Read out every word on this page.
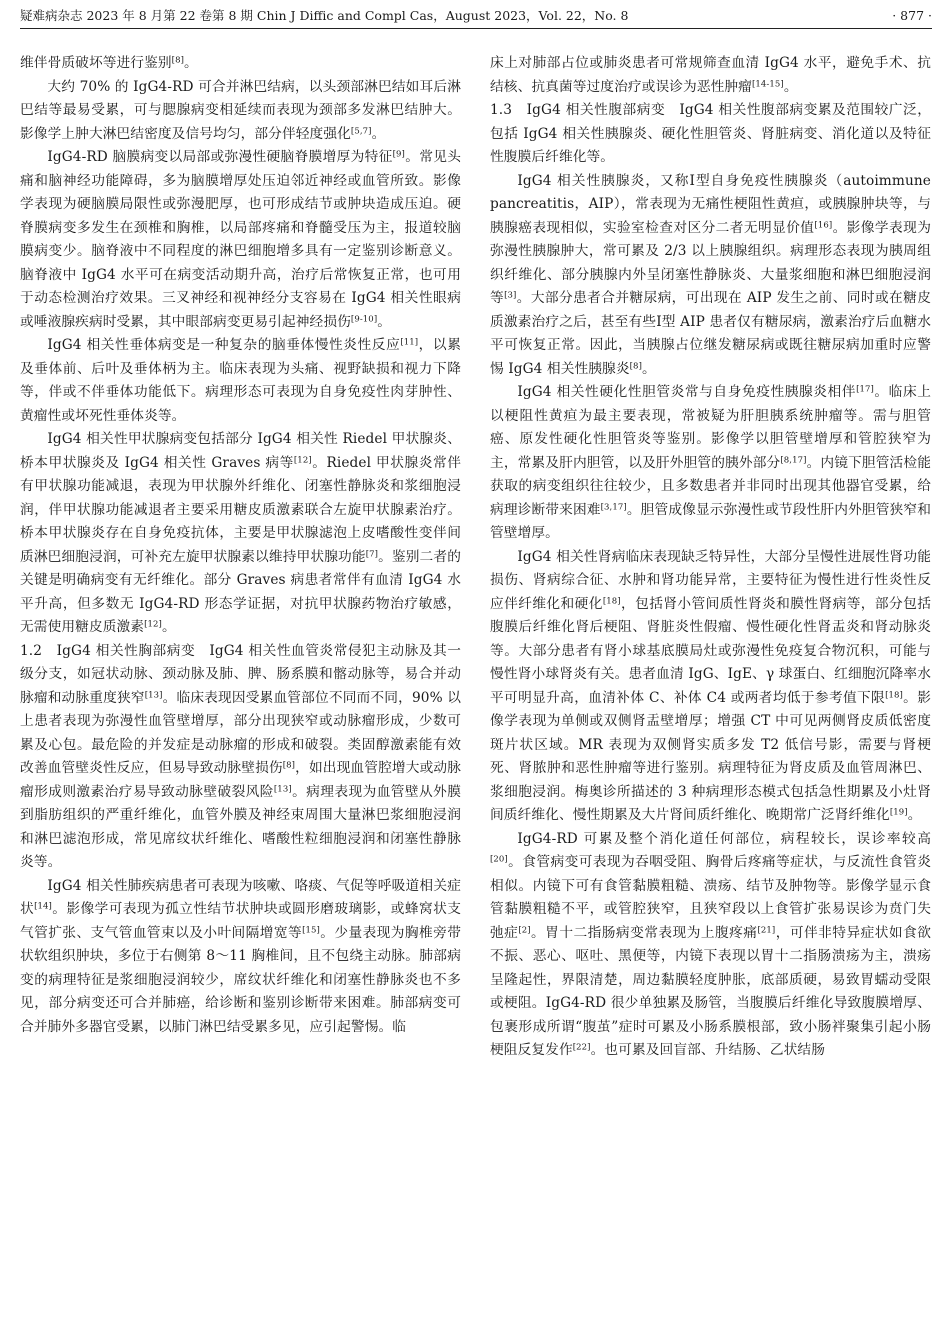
疑难病杂志 2023 年 8 月第 22 卷第 8 期 Chin J Diffic and Compl Cas，August 2023，Vol. 22，No. 8	· 877 ·

维伴骨质破坏等进行鉴别[8]。

大约 70% 的 IgG4-RD 可合并淋巴结病，以头颈部淋巴结如耳后淋巴结等最易受累，可与腮腺病变相延续而表现为颈部多发淋巴结肿大。影像学上肿大淋巴结密度及信号均匀，部分伴轻度强化[5,7]。

IgG4-RD 脑膜病变以局部或弥漫性硬脑脊膜增厚为特征[9]。常见头痛和脑神经功能障碍，多为脑膜增厚处压迫邻近神经或血管所致。影像学表现为硬脑膜局限性或弥漫肥厚，也可形成结节或肿块造成压迫。硬脊膜病变多发生在颈椎和胸椎，以局部疼痛和脊髓受压为主，报道较脑膜病变少。脑脊液中不同程度的淋巴细胞增多具有一定鉴别诊断意义。脑脊液中 IgG4 水平可在病变活动期升高，治疗后常恢复正常，也可用于动态检测治疗效果。三叉神经和视神经分支容易在 IgG4 相关性眼病或唾液腺疾病时受累，其中眼部病变更易引起神经损伤[9-10]。

IgG4 相关性垂体病变是一种复杂的脑垂体慢性炎性反应[11]，以累及垂体前、后叶及垂体柄为主。临床表现为头痛、视野缺损和视力下降等，伴或不伴垂体功能低下。病理形态可表现为自身免疫性肉芽肿性、黄瘤性或坏死性垂体炎等。

IgG4 相关性甲状腺病变包括部分 IgG4 相关性 Riedel 甲状腺炎、桥本甲状腺炎及 IgG4 相关性 Graves 病等[12]。Riedel 甲状腺炎常伴有甲状腺功能减退，表现为甲状腺外纤维化、闭塞性静脉炎和浆细胞浸润，伴甲状腺功能减退者主要采用糖皮质激素联合左旋甲状腺素治疗。桥本甲状腺炎存在自身免疫抗体，主要是甲状腺滤泡上皮嗜酸性变伴间质淋巴细胞浸润，可补充左旋甲状腺素以维持甲状腺功能[7]。鉴别二者的关键是明确病变有无纤维化。部分 Graves 病患者常伴有血清 IgG4 水平升高，但多数无 IgG4-RD 形态学证据，对抗甲状腺药物治疗敏感，无需使用糖皮质激素[12]。

1.2　IgG4 相关性胸部病变　IgG4 相关性血管炎常侵犯主动脉及其一级分支，如冠状动脉、颈动脉及肺、脾、肠系膜和髂动脉等，易合并动脉瘤和动脉重度狭窄[13]。临床表现因受累血管部位不同而不同，90% 以上患者表现为弥漫性血管壁增厚，部分出现狭窄或动脉瘤形成，少数可累及心包。最危险的并发症是动脉瘤的形成和破裂。类固醇激素能有效改善血管壁炎性反应，但易导致动脉壁损伤[8]，如出现血管腔增大或动脉瘤形成则激素治疗易导致动脉壁破裂风险[13]。病理表现为血管壁从外膜到脂肪组织的严重纤维化，血管外膜及神经束周围大量淋巴浆细胞浸润和淋巴滤泡形成，常见席纹状纤维化、嗜酸性粒细胞浸润和闭塞性静脉炎等。

IgG4 相关性肺疾病患者可表现为咳嗽、咯痰、气促等呼吸道相关症状[14]。影像学可表现为孤立性结节状肿块或圆形磨玻璃影，或蜂窝状支气管扩张、支气管血管束以及小叶间隔增宽等[15]。少量表现为胸椎旁带状软组织肿块，多位于右侧第 8～11 胸椎间，且不包绕主动脉。肺部病变的病理特征是浆细胞浸润较少，席纹状纤维化和闭塞性静脉炎也不多见，部分病变还可合并肺癌，给诊断和鉴别诊断带来困难。肺部病变可合并肺外多器官受累，以肺门淋巴结受累多见，应引起警惕。临

床上对肺部占位或肺炎患者可常规筛查血清 IgG4 水平，避免手术、抗结核、抗真菌等过度治疗或误诊为恶性肿瘤[14-15]。

1.3　IgG4 相关性腹部病变　IgG4 相关性腹部病变累及范围较广泛，包括 IgG4 相关性胰腺炎、硬化性胆管炎、肾脏病变、消化道以及特征性腹膜后纤维化等。

IgG4 相关性胰腺炎，又称Ⅰ型自身免疫性胰腺炎（autoimmune pancreatitis，AIP），常表现为无痛性梗阻性黄疸，或胰腺肿块等，与胰腺癌表现相似，实验室检查对区分二者无明显价值[16]。影像学表现为弥漫性胰腺肿大，常可累及 2/3 以上胰腺组织。病理形态表现为胰周组织纤维化、部分胰腺内外呈闭塞性静脉炎、大量浆细胞和淋巴细胞浸润等[3]。大部分患者合并糖尿病，可出现在 AIP 发生之前、同时或在糖皮质激素治疗之后，甚至有些Ⅰ型 AIP 患者仅有糖尿病，激素治疗后血糖水平可恢复正常。因此，当胰腺占位继发糖尿病或既往糖尿病加重时应警惕 IgG4 相关性胰腺炎[8]。

IgG4 相关性硬化性胆管炎常与自身免疫性胰腺炎相伴[17]。临床上以梗阻性黄疸为最主要表现，常被疑为肝胆胰系统肿瘤等。需与胆管癌、原发性硬化性胆管炎等鉴别。影像学以胆管壁增厚和管腔狭窄为主，常累及肝内胆管，以及肝外胆管的胰外部分[8,17]。内镜下胆管活检能获取的病变组织往往较少，且多数患者并非同时出现其他器官受累，给病理诊断带来困难[3,17]。胆管成像显示弥漫性或节段性肝内外胆管狭窄和管壁增厚。

IgG4 相关性肾病临床表现缺乏特异性，大部分呈慢性进展性肾功能损伤、肾病综合征、水肿和肾功能异常，主要特征为慢性进行性炎性反应伴纤维化和硬化[18]，包括肾小管间质性肾炎和膜性肾病等，部分包括腹膜后纤维化肾后梗阻、肾脏炎性假瘤、慢性硬化性肾盂炎和肾动脉炎等。大部分患者有肾小球基底膜局灶或弥漫性免疫复合物沉积，可能与慢性肾小球肾炎有关。患者血清 IgG、IgE、γ 球蛋白、红细胞沉降率水平可明显升高，血清补体 C、补体 C4 或两者均低于参考值下限[18]。影像学表现为单侧或双侧肾盂壁增厚；增强 CT 中可见两侧肾皮质低密度斑片状区域。MR 表现为双侧肾实质多发 T2 低信号影，需要与肾梗死、肾脓肿和恶性肿瘤等进行鉴别。病理特征为肾皮质及血管周淋巴、浆细胞浸润。梅奥诊所描述的 3 种病理形态模式包括急性期累及小灶肾间质纤维化、慢性期累及大片肾间质纤维化、晚期常广泛肾纤维化[19]。

IgG4-RD 可累及整个消化道任何部位，病程较长，误诊率较高[20]。食管病变可表现为吞咽受阻、胸骨后疼痛等症状，与反流性食管炎相似。内镜下可有食管黏膜粗糙、溃疡、结节及肿物等。影像学显示食管黏膜粗糙不平，或管腔狭窄，且狭窄段以上食管扩张易误诊为贲门失弛症[2]。胃十二指肠病变常表现为上腹疼痛[21]，可伴非特异症状如食欲不振、恶心、呕吐、黑便等，内镜下表现以胃十二指肠溃疡为主，溃疡呈隆起性，界限清楚，周边黏膜轻度肿胀，底部质硬，易致胃蠕动受限或梗阻。IgG4-RD 很少单独累及肠管，当腹膜后纤维化导致腹膜增厚、包裹形成所谓“腹茧”症时可累及小肠系膜根部，致小肠袢聚集引起小肠梗阻反复发作[22]。也可累及回盲部、升结肠、乙状结肠
